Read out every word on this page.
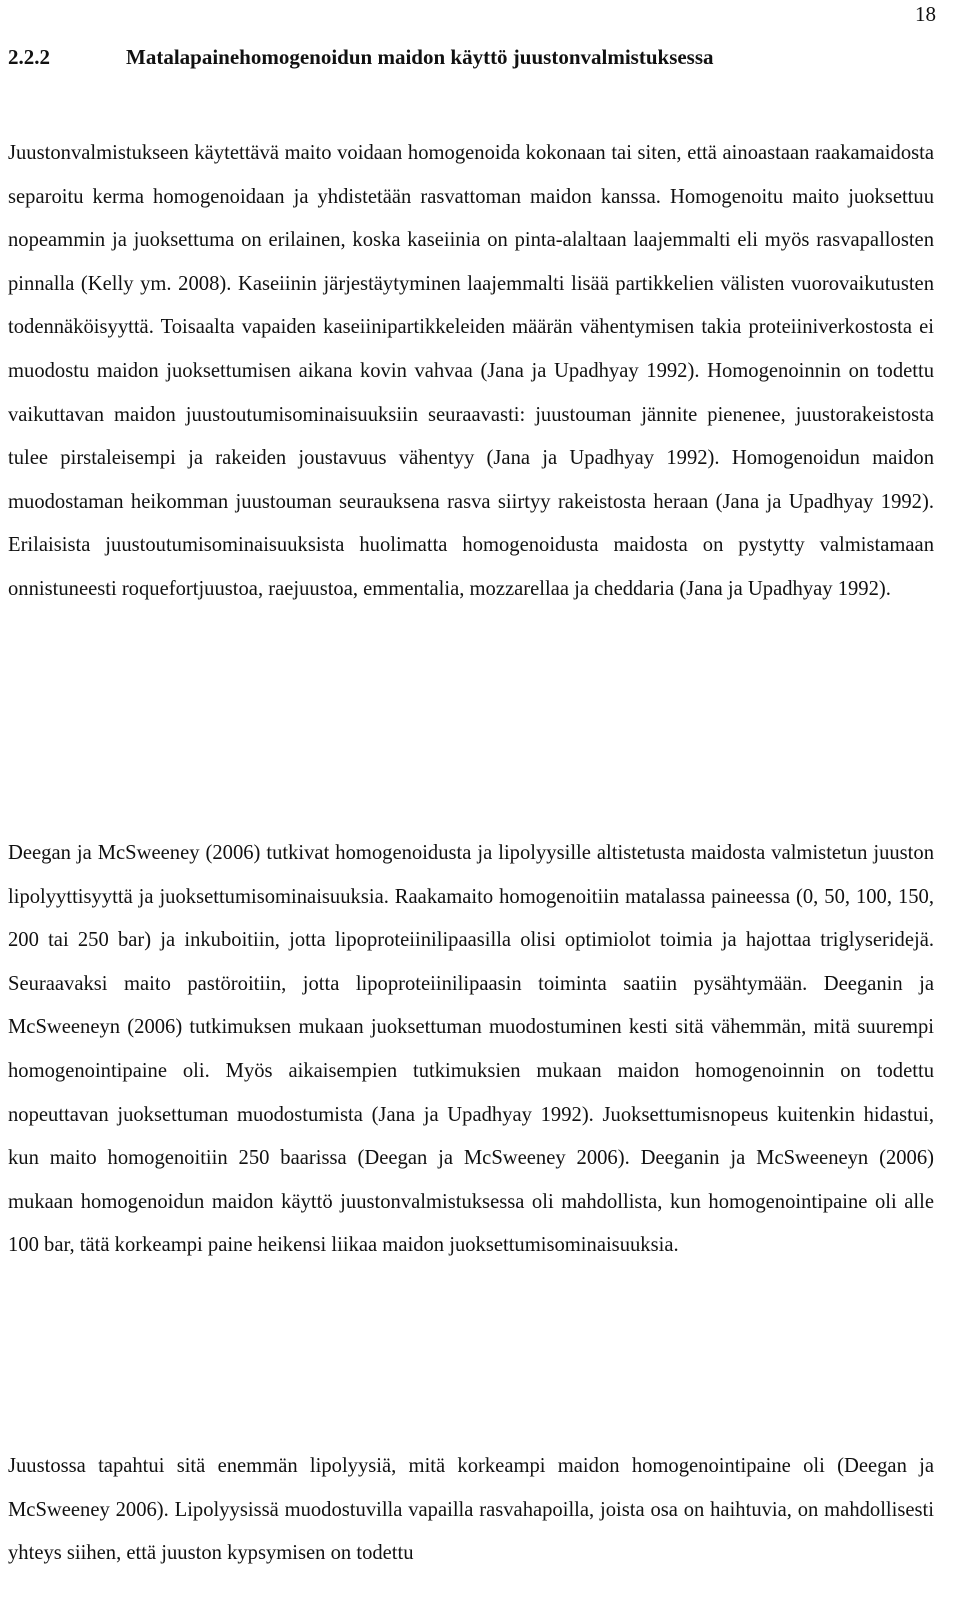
18
2.2.2	Matalapainehomogenoidun maidon käyttö juustonvalmistuksessa

Juustonvalmistukseen käytettävä maito voidaan homogenoida kokonaan tai siten, että ainoastaan raakamaidosta separoitu kerma homogenoidaan ja yhdistetään rasvattoman maidon kanssa. Homogenoitu maito juoksettuu nopeammin ja juoksettuma on erilainen, koska kaseiinia on pinta-alaltaan laajemmalti eli myös rasvapallosten pinnalla (Kelly ym. 2008). Kaseiinin järjestäytyminen laajemmalti lisää partikkelien välisten vuorovaikutusten todennäköisyyttä. Toisaalta vapaiden kaseiinipartikkeleiden määrän vähentymisen takia proteiiniverkostosta ei muodostu maidon juoksettumisen aikana kovin vahvaa (Jana ja Upadhyay 1992). Homogenoinnin on todettu vaikuttavan maidon juustoutumisominaisuuksiin seuraavasti: juustouman jännite pienenee, juustorakeistosta tulee pirstaleisempi ja rakeiden joustavuus vähentyy (Jana ja Upadhyay 1992). Homogenoidun maidon muodostaman heikomman juustouman seurauksena rasva siirtyy rakeistosta heraan (Jana ja Upadhyay 1992). Erilaisista juustoutumisominaisuuksista huolimatta homogenoidusta maidosta on pystytty valmistamaan onnistuneesti roquefortjuustoa, raejuustoa, emmentalia, mozzarellaa ja cheddaria (Jana ja Upadhyay 1992).

Deegan ja McSweeney (2006) tutkivat homogenoidusta ja lipolyysille altistetusta maidosta valmistetun juuston lipolyyttisyyttä ja juoksettumisominaisuuksia. Raakamaito homogenoitiin matalassa paineessa (0, 50, 100, 150, 200 tai 250 bar) ja inkuboitiin, jotta lipoproteiinilipaasilla olisi optimiolot toimia ja hajottaa triglyseridejä. Seuraavaksi maito pastöroitiin, jotta lipoproteiinilipaasin toiminta saatiin pysähtymään. Deeganin ja McSweeneyn (2006) tutkimuksen mukaan juoksettuman muodostuminen kesti sitä vähemmän, mitä suurempi homogenointipaine oli. Myös aikaisempien tutkimuksien mukaan maidon homogenoinnin on todettu nopeuttavan juoksettuman muodostumista (Jana ja Upadhyay 1992). Juoksettumisnopeus kuitenkin hidastui, kun maito homogenoitiin 250 baarissa (Deegan ja McSweeney 2006). Deeganin ja McSweeneyn (2006) mukaan homogenoidun maidon käyttö juustonvalmistuksessa oli mahdollista, kun homogenointipaine oli alle 100 bar, tätä korkeampi paine heikensi liikaa maidon juoksettumisominaisuuksia.

Juustossa tapahtui sitä enemmän lipolyysiä, mitä korkeampi maidon homogenointipaine oli (Deegan ja McSweeney 2006). Lipolyysissä muodostuvilla vapailla rasvahapoilla, joista osa on haihtuvia, on mahdollisesti yhteys siihen, että juuston kypsymisen on todettu
